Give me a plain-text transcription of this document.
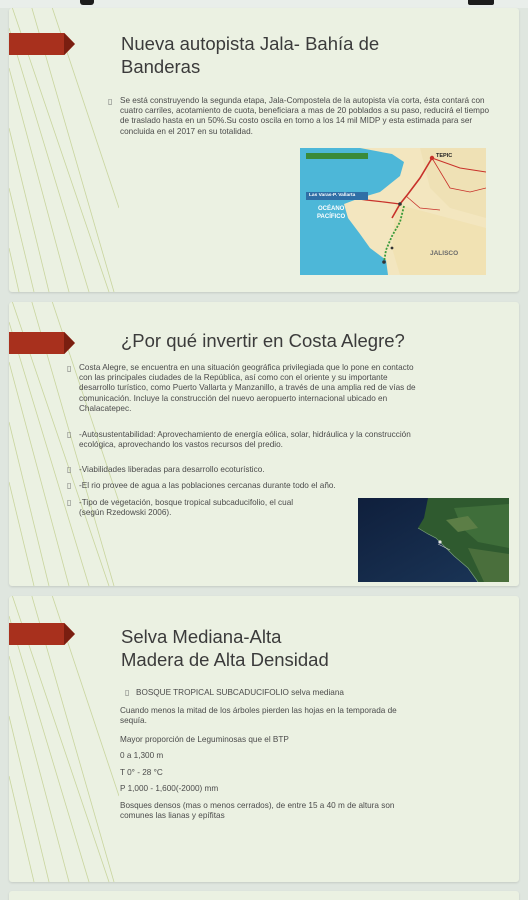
Nueva autopista Jala- Bahía de
Banderas
▯ Se está construyendo la segunda etapa, Jala-Compostela de la autopista vía corta, ésta contará con cuatro carriles, acotamiento de cuota, beneficiara a mas de 20 poblados a su paso, reducirá el tiempo de traslado hasta en un 50%.Su costo oscila en torno a los 14 mil MIDP y esta estimada para ser concluida en el 2017 en su totalidad.
TEPIC
Las Varas-P. Vallarta
OCÉANO
PACÍFICO
JALISCO
¿Por qué invertir en Costa Alegre?
▯ Costa Alegre, se encuentra en una situación geográfica privilegiada que lo pone en contacto con las principales ciudades de la República, así como con el oriente y su importante desarrollo turístico, como Puerto Vallarta y Manzanillo, a través de una amplia red de vías de comunicación. Incluye la construcción del nuevo aeropuerto internacional ubicado en Chalacatepec.
▯ -Autosustentabilidad: Aprovechamiento de energía eólica, solar, hidráulica y la construcción ecológica, aprovechando los vastos recursos del predio.
▯ -Viabilidades liberadas para desarrollo ecoturístico.
▯ -El rio provee de agua a las poblaciones cercanas durante todo el año.
▯ -Tipo de vegetación, bosque tropical subcaducifolio, el cual
(según Rzedowski 2006).
Selva Mediana-Alta
Madera de Alta Densidad
▯ BOSQUE TROPICAL SUBCADUCIFOLIO selva mediana
Cuando menos la mitad de los árboles pierden las hojas en la temporada de
sequía.
Mayor proporción de Leguminosas que el BTP
0 a 1,300 m
T 0° - 28 °C
P 1,000 - 1,600(-2000) mm
Bosques densos (mas o menos cerrados), de entre 15 a 40 m de altura son
comunes las lianas y epífitas
